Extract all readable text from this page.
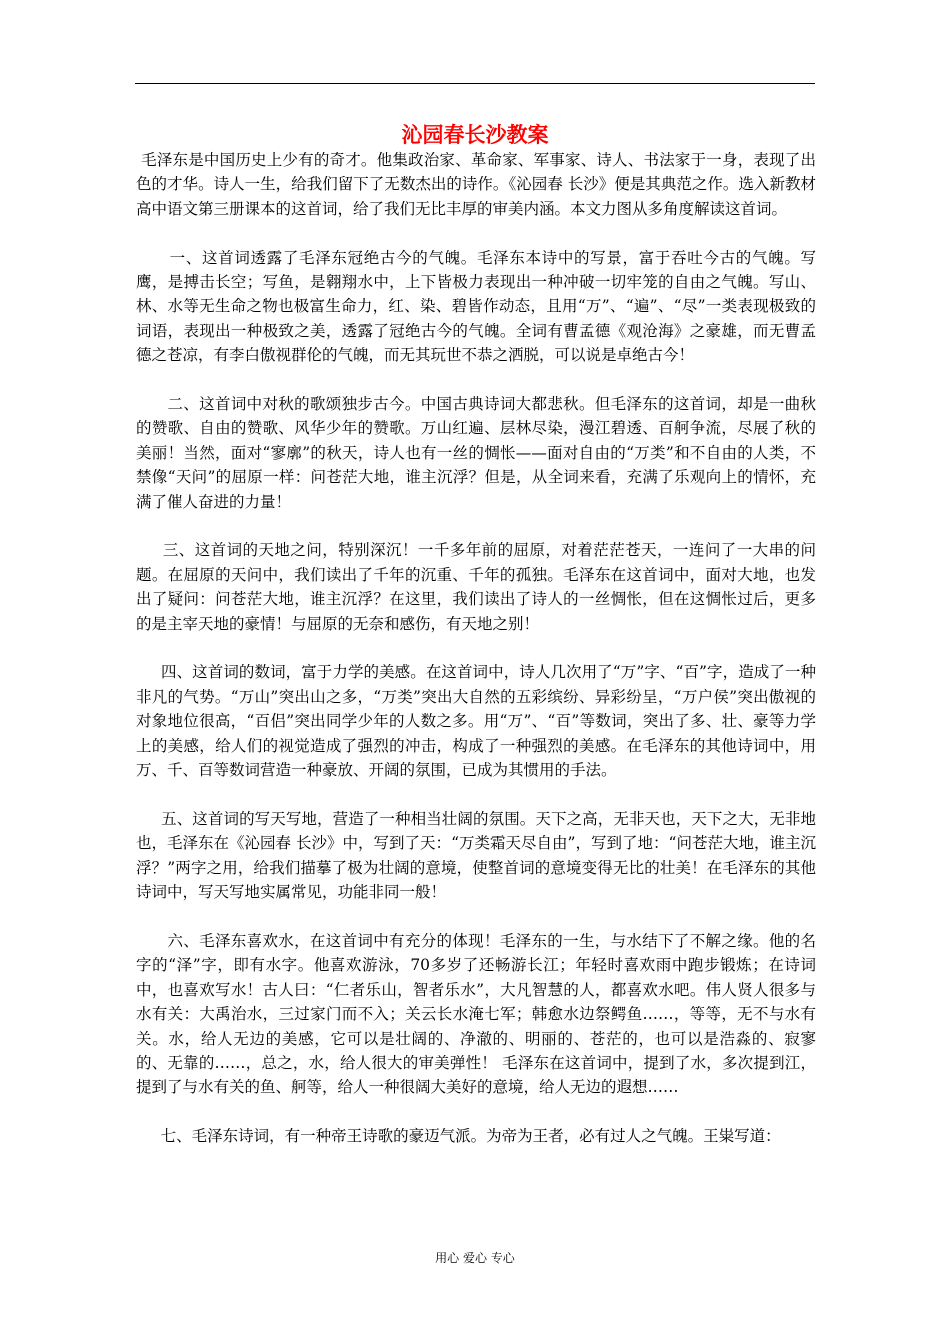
沁园春长沙教案

毛泽东是中国历史上少有的奇才。他集政治家、革命家、军事家、诗人、书法家于一身，表现了出色的才华。诗人一生，给我们留下了无数杰出的诗作。《沁园春 长沙》便是其典范之作。选入新教材高中语文第三册课本的这首词，给了我们无比丰厚的审美内涵。本文力图从多角度解读这首词。

一、这首词透露了毛泽东冠绝古今的气魄。毛泽东本诗中的写景，富于吞吐今古的气魄。写鹰，是搏击长空；写鱼，是翱翔水中，上下皆极力表现出一种冲破一切牢笼的自由之气魄。写山、林、水等无生命之物也极富生命力，红、染、碧皆作动态，且用“万”、“遍”、“尽”一类表现极致的词语，表现出一种极致之美，透露了冠绝古今的气魄。全词有曹孟德《观沧海》之豪雄，而无曹孟德之苍凉，有李白傲视群伦的气魄，而无其玩世不恭之洒脱，可以说是卓绝古今！

二、这首词中对秋的歌颂独步古今。中国古典诗词大都悲秋。但毛泽东的这首词，却是一曲秋的赞歌、自由的赞歌、风华少年的赞歌。万山红遍、层林尽染，漫江碧透、百舸争流，尽展了秋的美丽！当然，面对“寥廓”的秋天，诗人也有一丝的惆怅——面对自由的“万类”和不自由的人类，不禁像“天问”的屈原一样：问苍茫大地，谁主沉浮？但是，从全词来看，充满了乐观向上的情怀，充满了催人奋进的力量！

三、这首词的天地之问，特别深沉！一千多年前的屈原，对着茫茫苍天，一连问了一大串的问题。在屈原的天问中，我们读出了千年的沉重、千年的孤独。毛泽东在这首词中，面对大地，也发出了疑问：问苍茫大地，谁主沉浮？在这里，我们读出了诗人的一丝惆怅，但在这惆怅过后，更多的是主宰天地的豪情！与屈原的无奈和感伤，有天地之别！

四、这首词的数词，富于力学的美感。在这首词中，诗人几次用了“万”字、“百”字，造成了一种非凡的气势。“万山”突出山之多，“万类”突出大自然的五彩缤纷、异彩纷呈，“万户侯”突出傲视的对象地位很高，“百侣”突出同学少年的人数之多。用“万”、“百”等数词，突出了多、壮、豪等力学上的美感，给人们的视觉造成了强烈的冲击，构成了一种强烈的美感。在毛泽东的其他诗词中，用万、千、百等数词营造一种豪放、开阔的氛围，已成为其惯用的手法。

五、这首词的写天写地，营造了一种相当壮阔的氛围。天下之高，无非天也，天下之大，无非地也，毛泽东在《沁园春 长沙》中，写到了天：“万类霜天尽自由”，写到了地：“问苍茫大地，谁主沉浮？”两字之用，给我们描摹了极为壮阔的意境，使整首词的意境变得无比的壮美！在毛泽东的其他诗词中，写天写地实属常见，功能非同一般！

六、毛泽东喜欢水，在这首词中有充分的体现！毛泽东的一生，与水结下了不解之缘。他的名字的“泽”字，即有水字。他喜欢游泳，70多岁了还畅游长江；年轻时喜欢雨中跑步锻炼；在诗词中，也喜欢写水！古人曰：“仁者乐山，智者乐水”，大凡智慧的人，都喜欢水吧。伟人贤人很多与水有关：大禹治水，三过家门而不入；关云长水淹七军；韩愈水边祭鳄鱼……，等等，无不与水有关。水，给人无边的美感，它可以是壮阔的、净澈的、明丽的、苍茫的，也可以是浩淼的、寂寥的、无靠的……，总之，水，给人很大的审美弹性！ 毛泽东在这首词中，提到了水，多次提到江，提到了与水有关的鱼、舸等，给人一种很阔大美好的意境，给人无边的遐想……

七、毛泽东诗词，有一种帝王诗歌的豪迈气派。为帝为王者，必有过人之气魄。王粜写道：

用心 爱心 专心
